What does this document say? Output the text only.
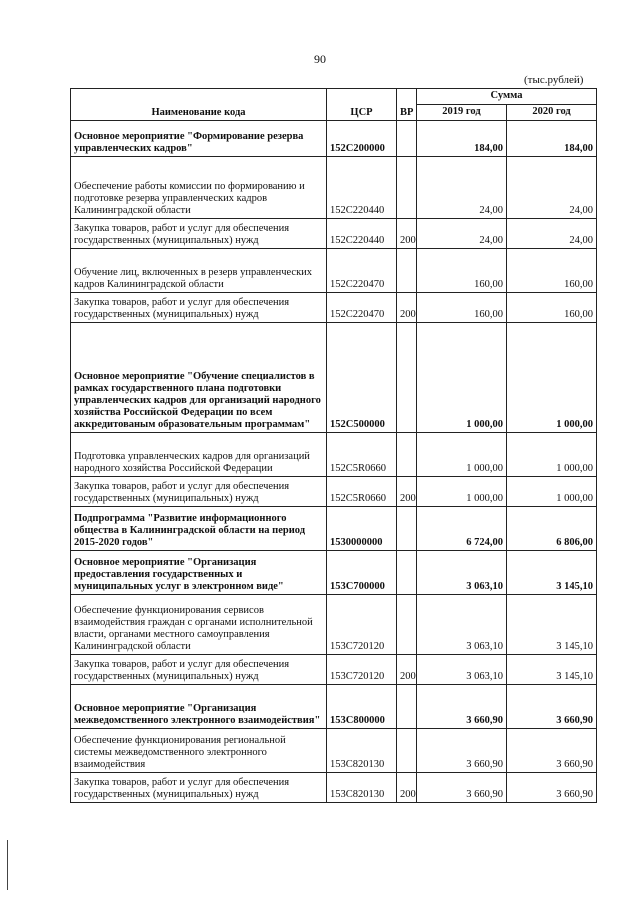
90
(тыс.рублей)
Наименование кода	ЦСР	ВР	Сумма	
			2019 год	2020 год
Основное мероприятие "Формирование резерва управленческих кадров"	152С200000		184,00	184,00
Обеспечение работы комиссии по формированию и подготовке резерва управленческих кадров Калининградской области	152С220440		24,00	24,00
Закупка товаров, работ и услуг для обеспечения государственных (муниципальных) нужд	152С220440	200	24,00	24,00
Обучение лиц, включенных в резерв управленческих кадров Калининградской области	152С220470		160,00	160,00
Закупка товаров, работ и услуг для обеспечения государственных (муниципальных) нужд	152С220470	200	160,00	160,00
Основное мероприятие "Обучение специалистов в рамках государственного плана подготовки управленческих кадров для организаций народного хозяйства Российской Федерации по всем аккредитованым образовательным программам"	152С500000		1 000,00	1 000,00
Подготовка управленческих кадров для организаций народного хозяйства Российской Федерации	152С5R0660		1 000,00	1 000,00
Закупка товаров, работ и услуг для обеспечения государственных (муниципальных) нужд	152С5R0660	200	1 000,00	1 000,00
Подпрограмма "Развитие информационного общества в Калининградской области на период 2015-2020 годов"	1530000000		6 724,00	6 806,00
Основное мероприятие "Организация предоставления государственных и муниципальных услуг в электронном виде"	153С700000		3 063,10	3 145,10
Обеспечение функционирования сервисов взаимодействия граждан с органами исполнительной власти, органами местного самоуправления Калининградской области	153С720120		3 063,10	3 145,10
Закупка товаров, работ и услуг для обеспечения государственных (муниципальных) нужд	153С720120	200	3 063,10	3 145,10
Основное мероприятие "Организация межведомственного электронного взаимодействия"	153С800000		3 660,90	3 660,90
Обеспечение функционирования региональной системы межведомственного электронного взаимодействия	153С820130		3 660,90	3 660,90
Закупка товаров, работ и услуг для обеспечения государственных (муниципальных) нужд	153С820130	200	3 660,90	3 660,90
